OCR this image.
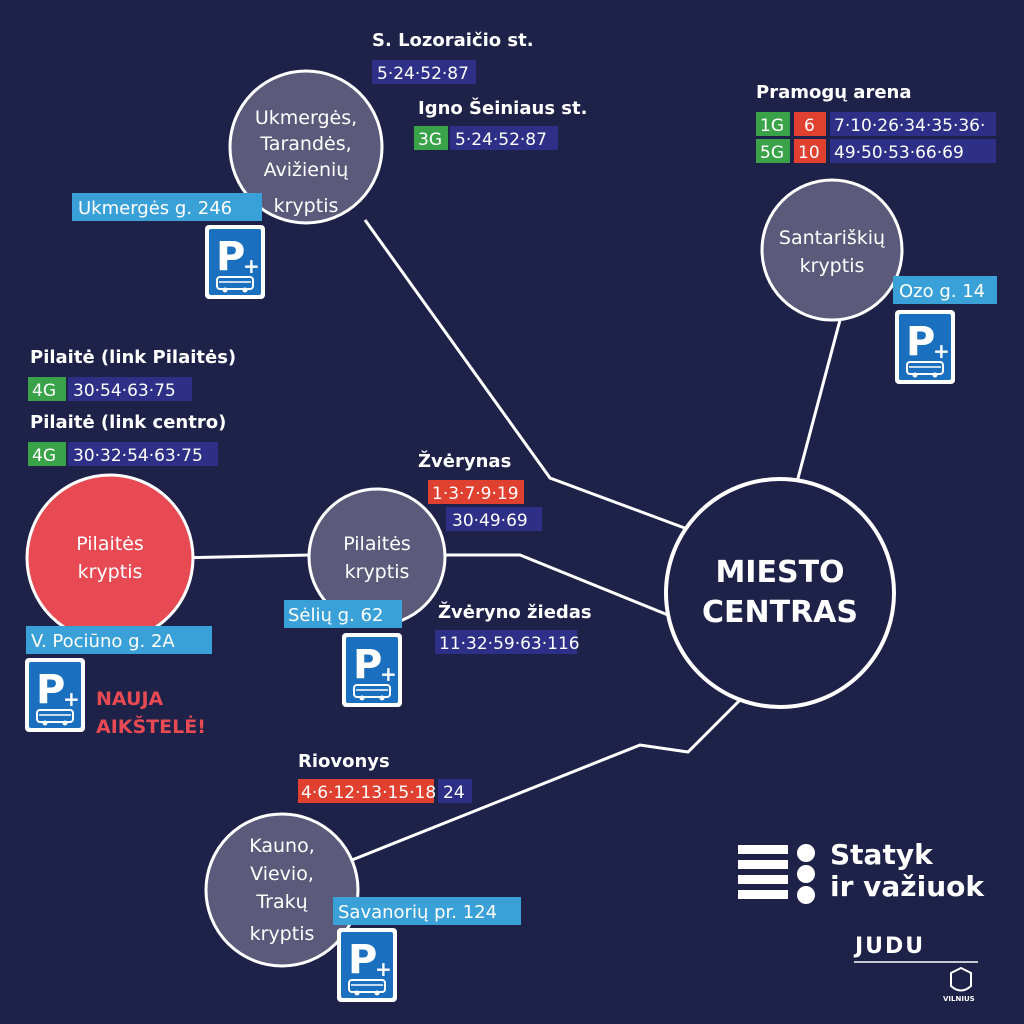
Ukmergės,
Tarandės,
Avižienių
kryptis
Santariškių
kryptis
Pilaitės
kryptis
Pilaitės
kryptis
Kauno,
Vievio,
Trakų
kryptis
MIESTO
CENTRAS
S. Lozoraičio st.
5·24·52·87
Igno Šeiniaus st.
3G 5·24·52·87
Pramogų arena
1G 6 7·10·26·34·35·36·
5G 10 49·50·53·66·69
Pilaitė (link Pilaitės)
4G 30·54·63·75
Pilaitė (link centro)
4G 30·32·54·63·75	Žvėrynas
1·3·7·9·19
30·49·69
Žvėryno žiedas
11·32·59·63·116
Riovonys
4·6·12·13·15·18 24
Ukmergės g. 246
Ozo g. 14
Sėlių g. 62
V. Pociūno g. 2A
Savanorių pr. 124
P
+
P
+
P
+
P
+
P
+
NAUJA
AIKŠTELĖ!
Statyk
ir važiuok
JUDU
VILNIUS
